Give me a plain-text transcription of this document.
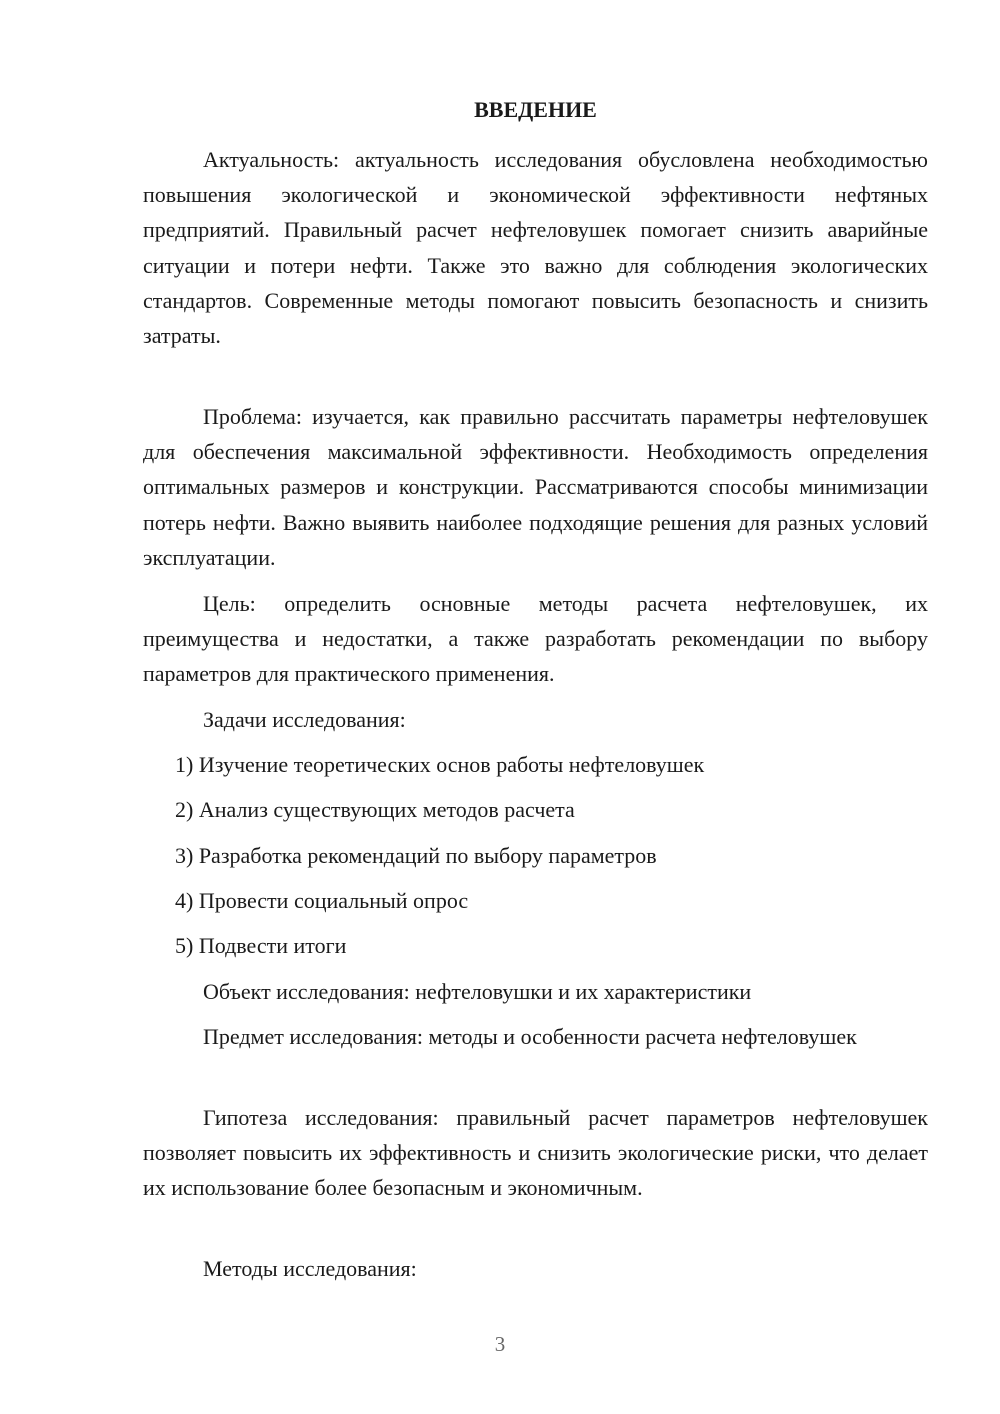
ВВЕДЕНИЕ

Актуальность: актуальность исследования обусловлена необходимостью повышения экологической и экономической эффективности нефтяных предприятий. Правильный расчет нефтеловушек помогает снизить аварийные ситуации и потери нефти. Также это важно для соблюдения экологических стандартов. Современные методы помогают повысить безопасность и снизить затраты.

Проблема: изучается, как правильно рассчитать параметры нефтеловушек для обеспечения максимальной эффективности. Необходимость определения оптимальных размеров и конструкции. Рассматриваются способы минимизации потерь нефти. Важно выявить наиболее подходящие решения для разных условий эксплуатации.

Цель: определить основные методы расчета нефтеловушек, их преимущества и недостатки, а также разработать рекомендации по выбору параметров для практического применения.

Задачи исследования:

1) Изучение теоретических основ работы нефтеловушек

2) Анализ существующих методов расчета

3) Разработка рекомендаций по выбору параметров

4) Провести социальный опрос

5) Подвести итоги

Объект исследования: нефтеловушки и их характеристики

Предмет исследования: методы и особенности расчета нефтеловушек

Гипотеза исследования: правильный расчет параметров нефтеловушек позволяет повысить их эффективность и снизить экологические риски, что делает их использование более безопасным и экономичным.

Методы исследования:

3
